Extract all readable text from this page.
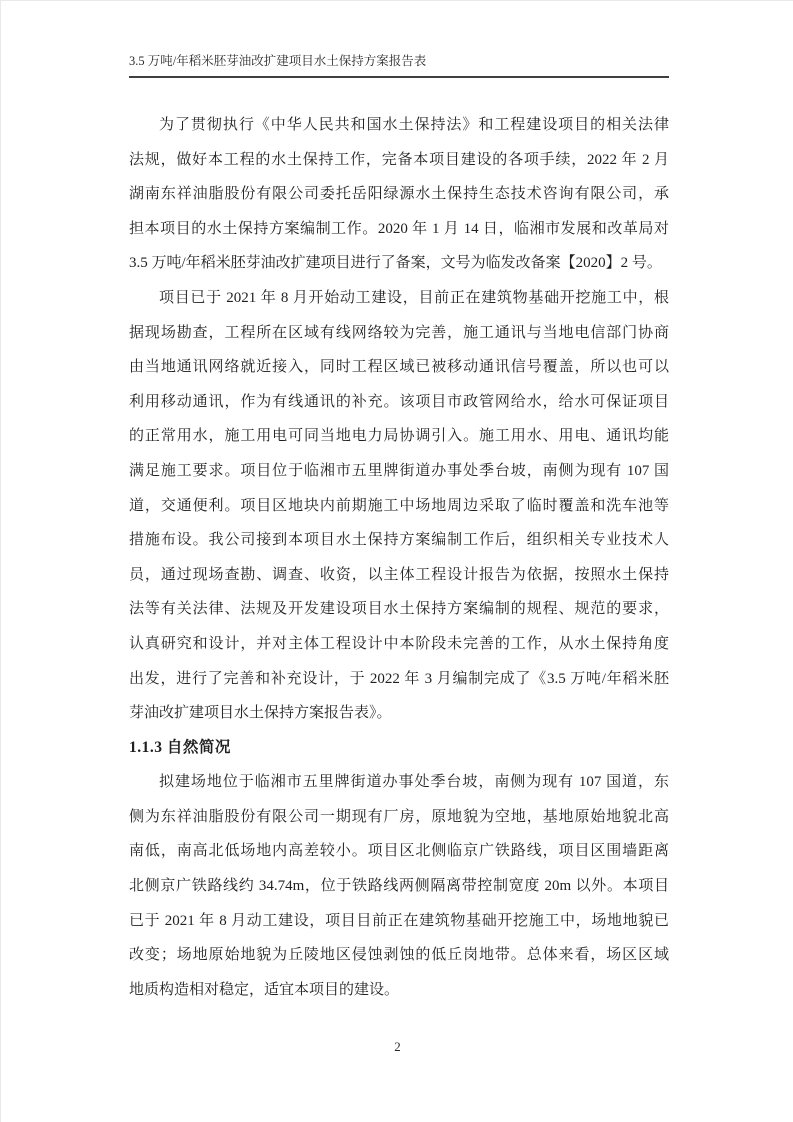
3.5 万吨/年稻米胚芽油改扩建项目水土保持方案报告表
为了贯彻执行《中华人民共和国水土保持法》和工程建设项目的相关法律
法规，做好本工程的水土保持工作，完备本项目建设的各项手续，2022 年 2 月
湖南东祥油脂股份有限公司委托岳阳绿源水土保持生态技术咨询有限公司，承
担本项目的水土保持方案编制工作。2020 年 1 月 14 日，临湘市发展和改革局对
3.5 万吨/年稻米胚芽油改扩建项目进行了备案，文号为临发改备案【2020】2 号。
项目已于 2021 年 8 月开始动工建设，目前正在建筑物基础开挖施工中，根
据现场勘查，工程所在区域有线网络较为完善，施工通讯与当地电信部门协商
由当地通讯网络就近接入，同时工程区域已被移动通讯信号覆盖，所以也可以
利用移动通讯，作为有线通讯的补充。该项目市政管网给水，给水可保证项目
的正常用水，施工用电可同当地电力局协调引入。施工用水、用电、通讯均能
满足施工要求。项目位于临湘市五里牌街道办事处季台坡，南侧为现有 107 国
道，交通便利。项目区地块内前期施工中场地周边采取了临时覆盖和洗车池等
措施布设。我公司接到本项目水土保持方案编制工作后，组织相关专业技术人
员，通过现场查勘、调查、收资，以主体工程设计报告为依据，按照水土保持
法等有关法律、法规及开发建设项目水土保持方案编制的规程、规范的要求，
认真研究和设计，并对主体工程设计中本阶段未完善的工作，从水土保持角度
出发，进行了完善和补充设计，于 2022 年 3 月编制完成了《3.5 万吨/年稻米胚
芽油改扩建项目水土保持方案报告表》。
1.1.3 自然简况
拟建场地位于临湘市五里牌街道办事处季台坡，南侧为现有 107 国道，东
侧为东祥油脂股份有限公司一期现有厂房，原地貌为空地，基地原始地貌北高
南低，南高北低场地内高差较小。项目区北侧临京广铁路线，项目区围墙距离
北侧京广铁路线约 34.74m，位于铁路线两侧隔离带控制宽度 20m 以外。本项目
已于 2021 年 8 月动工建设，项目目前正在建筑物基础开挖施工中，场地地貌已
改变；场地原始地貌为丘陵地区侵蚀剥蚀的低丘岗地带。总体来看，场区区域
地质构造相对稳定，适宜本项目的建设。
2
